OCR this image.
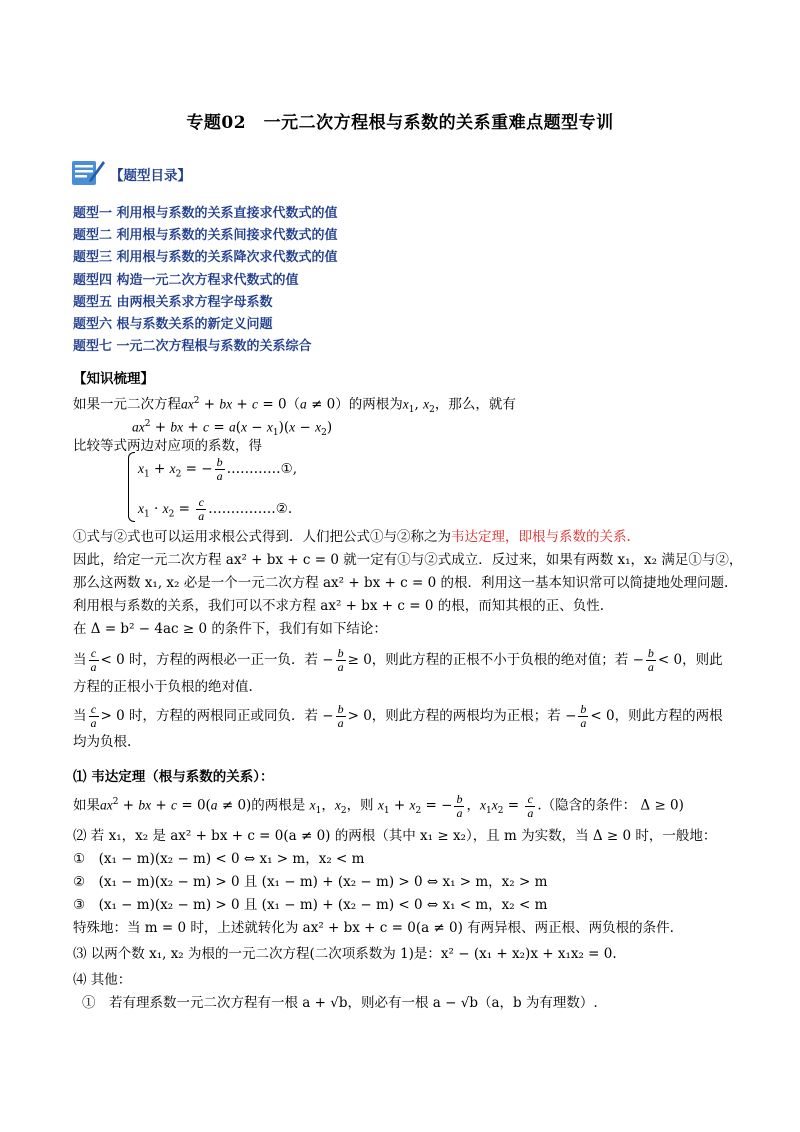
专题02　一元二次方程根与系数的关系重难点题型专训
【题型目录】
题型一 利用根与系数的关系直接求代数式的值
题型二 利用根与系数的关系间接求代数式的值
题型三 利用根与系数的关系降次求代数式的值
题型四 构造一元二次方程求代数式的值
题型五 由两根关系求方程字母系数
题型六 根与系数关系的新定义问题
题型七 一元二次方程根与系数的关系综合
【知识梳理】
如果一元二次方程$ax^2$ + bx + c = 0（a ≠ 0）的两根为$x_1$, $x_2$，那么，就有
$ax^2$ + bx + $c = a(x - x_1)(x - x_2)$
比较等式两边对应项的系数，得
$x_1 + x_2$ = − $\frac{b}{a}$ …………①,
$x_1 \cdot x_2 = \frac{c}{a}$ ……………②.
①式与②式也可以运用求根公式得到．人们把公式①与②称之为韦达定理，即根与系数的关系.
因此，给定一元二次方程 ax² + bx + c = 0 就一定有①与②式成立．反过来，如果有两数 x₁，x₂ 满足①与②，
那么这两数 x₁, x₂ 必是一个一元二次方程 ax² + bx + c = 0 的根．利用这一基本知识常可以简捷地处理问题.
利用根与系数的关系，我们可以不求方程 ax² + bx + c = 0 的根，而知其根的正、负性.
在 Δ = b² − 4ac ≥ 0 的条件下，我们有如下结论：
当 $\frac{c}{a} < 0$ 时，方程的两根必一正一负．若 − $\frac{b}{a} \ge 0$，则此方程的正根不小于负根的绝对值；若 − $\frac{b}{a} < 0$，则此
方程的正根小于负根的绝对值.
当 $\frac{c}{a} > 0$ 时，方程的两根同正或同负．若 − $\frac{b}{a} > 0$，则此方程的两根均为正根；若 − $\frac{b}{a} < 0$，则此方程的两根
均为负根.
⑴ 韦达定理（根与系数的关系）：
如果$ax^2$ + bx + c = 0(a ≠ 0)的两根是 $x_1$，$x_2$，则 $x_1 + x_2$ = − $\frac{b}{a}$ ，$x_1x_2 = \frac{c}{a}$ .（隐含的条件： Δ ≥ 0)
⑵ 若 x₁，x₂ 是 ax² + bx + c = 0(a ≠ 0) 的两根（其中 x₁ ≥ x₂），且 m 为实数，当 Δ ≥ 0 时，一般地：
①　(x₁ − m)(x₂ − m) < 0 ⇔ x₁ > m，x₂ < m
②　(x₁ − m)(x₂ − m) > 0 且 (x₁ − m) + (x₂ − m) > 0 ⇔ x₁ > m，x₂ > m
③　(x₁ − m)(x₂ − m) > 0 且 (x₁ − m) + (x₂ − m) < 0 ⇔ x₁ < m，x₂ < m
特殊地：当 m = 0 时，上述就转化为 ax² + bx + c = 0(a ≠ 0) 有两异根、两正根、两负根的条件.
⑶ 以两个数 x₁, x₂ 为根的一元二次方程(二次项系数为 1)是：x² − (x₁ + x₂)x + x₁x₂ = 0.
⑷ 其他：
①　若有理系数一元二次方程有一根 a + √b，则必有一根 a − √b（a，b 为有理数）.
